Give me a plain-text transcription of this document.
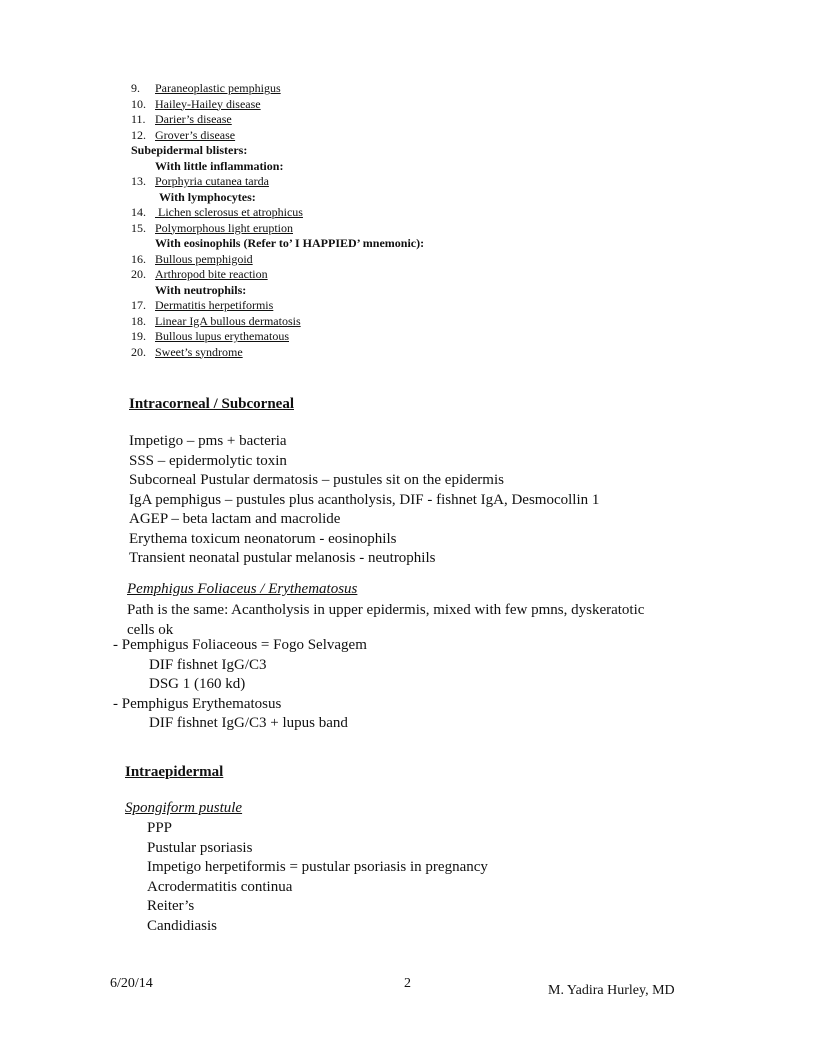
9. Paraneoplastic pemphigus
10. Hailey-Hailey disease
11. Darier’s disease
12. Grover’s disease
Subepidermal blisters:
With little inflammation:
13. Porphyria cutanea tarda
With lymphocytes:
14. Lichen sclerosus et atrophicus
15. Polymorphous light eruption
With eosinophils (Refer to’ I HAPPIED’ mnemonic):
16. Bullous pemphigoid
20. Arthropod bite reaction
With neutrophils:
17. Dermatitis herpetiformis
18. Linear IgA bullous dermatosis
19. Bullous lupus erythematous
20. Sweet’s syndrome
Intracorneal / Subcorneal
Impetigo – pms + bacteria
SSS – epidermolytic toxin
Subcorneal Pustular dermatosis – pustules sit on the epidermis
IgA pemphigus – pustules plus acantholysis, DIF - fishnet IgA, Desmocollin 1
AGEP – beta lactam and macrolide
Erythema toxicum neonatorum - eosinophils
Transient neonatal pustular melanosis - neutrophils
Pemphigus Foliaceus / Erythematosus
Path is the same: Acantholysis in upper epidermis, mixed with few pmns, dyskeratotic
cells ok
- Pemphigus Foliaceous = Fogo Selvagem
DIF fishnet IgG/C3
DSG 1 (160 kd)
- Pemphigus Erythematosus
DIF fishnet IgG/C3 + lupus band
Intraepidermal
Spongiform pustule
PPP
Pustular psoriasis
Impetigo herpetiformis = pustular psoriasis in pregnancy
Acrodermatitis continua
Reiter’s
Candidiasis
6/20/14	2	M. Yadira Hurley, MD
